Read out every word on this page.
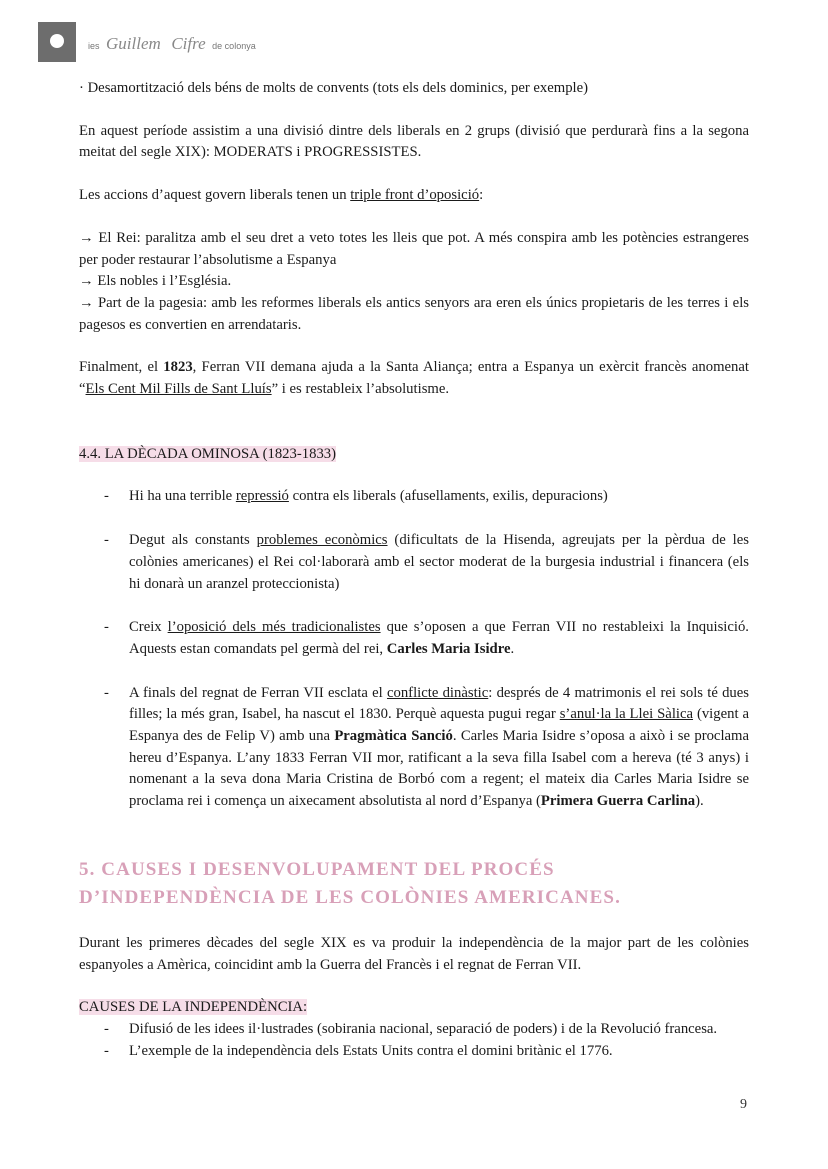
ies Guillem Cifre de colonya

· Desamortització dels béns de molts de convents (tots els dels dominics, per exemple)

En aquest període assistim a una divisió dintre dels liberals en 2 grups (divisió que perdurarà fins a la segona meitat del segle XIX): MODERATS i PROGRESSISTES.

Les accions d’aquest govern liberals tenen un triple front d’oposició:

→ El Rei: paralitza amb el seu dret a veto totes les lleis que pot. A més conspira amb les potències estrangeres per poder restaurar l’absolutisme a Espanya

→ Els nobles i l’Església.

→ Part de la pagesia: amb les reformes liberals els antics senyors ara eren els únics propietaris de les terres i els pagesos es convertien en arrendataris.

Finalment, el 1823, Ferran VII demana ajuda a la Santa Aliança; entra a Espanya un exèrcit francès anomenat “Els Cent Mil Fills de Sant Lluís” i es restableix l’absolutisme.

4.4. LA DÈCADA OMINOSA (1823-1833)

- Hi ha una terrible repressió contra els liberals (afusellaments, exilis, depuracions)
- Degut als constants problemes econòmics (dificultats de la Hisenda, agreujats per la pèrdua de les colònies americanes) el Rei col·laborarà amb el sector moderat de la burgesia industrial i financera (els hi donarà un aranzel proteccionista)
- Creix l’oposició dels més tradicionalistes que s’oposen a que Ferran VII no restableixi la Inquisició. Aquests estan comandats pel germà del rei, Carles Maria Isidre.
- A finals del regnat de Ferran VII esclata el conflicte dinàstic: després de 4 matrimonis el rei sols té dues filles; la més gran, Isabel, ha nascut el 1830. Perquè aquesta pugui regar s’anul·la la Llei Sàlica (vigent a Espanya des de Felip V) amb una Pragmàtica Sanció. Carles Maria Isidre s’oposa a això i se proclama hereu d’Espanya. L’any 1833 Ferran VII mor, ratificant a la seva filla Isabel com a hereva (té 3 anys) i nomenant a la seva dona Maria Cristina de Borbó com a regent; el mateix dia Carles Maria Isidre se proclama rei i comença un aixecament absolutista al nord d’Espanya (Primera Guerra Carlina).
5. CAUSES I DESENVOLUPAMENT DEL PROCÉS D’INDEPENDÈNCIA DE LES COLÒNIES AMERICANES.

Durant les primeres dècades del segle XIX es va produir la independència de la major part de les colònies espanyoles a Amèrica, coincidint amb la Guerra del Francès i el regnat de Ferran VII.

CAUSES DE LA INDEPENDÈNCIA:

- Difusió de les idees il·lustrades (sobirania nacional, separació de poders) i de la Revolució francesa.
- L’exemple de la independència dels Estats Units contra el domini britànic el 1776.
9
